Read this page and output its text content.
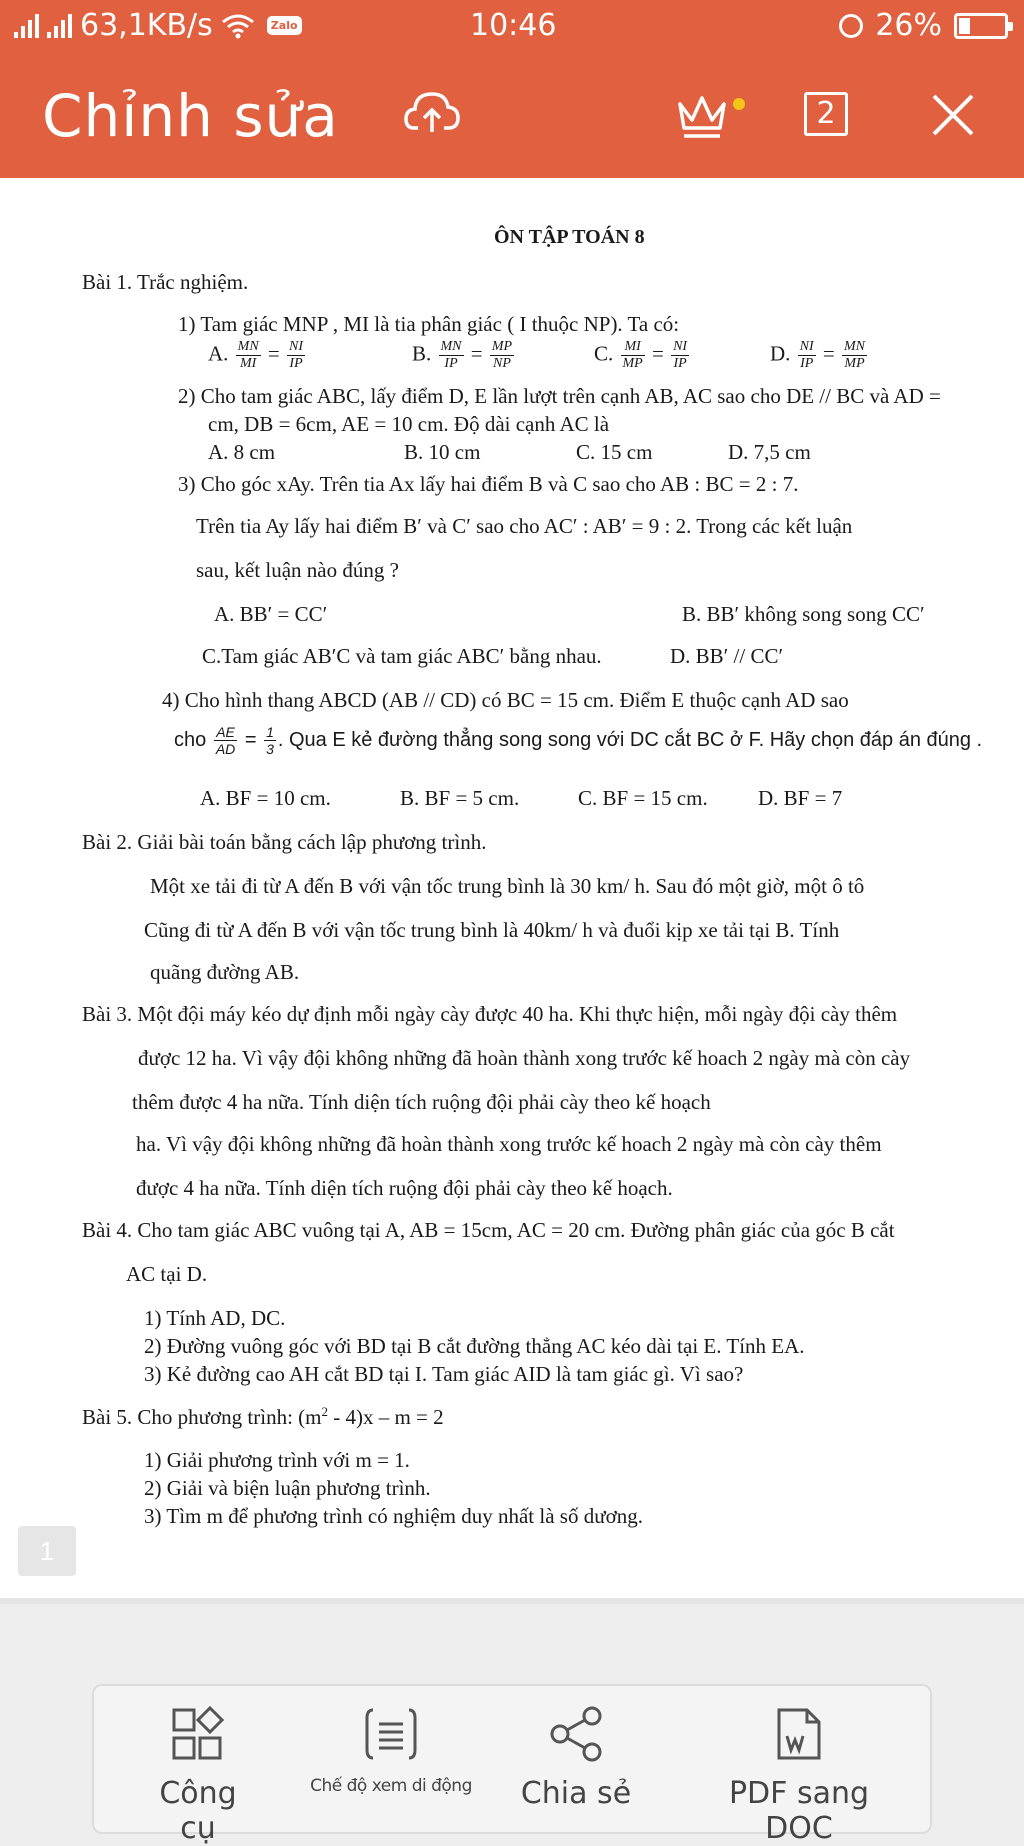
63,1KB/s	Zalo	10:46	26%
Chỉnh sửa	2
ÔN TẬP TOÁN 8
Bài 1. Trắc nghiệm.
1) Tam giác MNP , MI là tia phân giác ( I thuộc NP). Ta có:
A. $\frac{MN}{MI} = \frac{NI}{IP}$	B. $\frac{MN}{IP} = \frac{MP}{NP}$	C. $\frac{MI}{MP} = \frac{NI}{IP}$	D. $\frac{NI}{IP} = \frac{MN}{MP}$
2) Cho tam giác ABC, lấy điểm D, E lần lượt trên cạnh AB, AC sao cho DE // BC và AD =
cm, DB = 6cm, AE = 10 cm. Độ dài cạnh AC là
A. 8 cm	B. 10 cm	C. 15 cm	D. 7,5 cm
3) Cho góc xAy. Trên tia Ax lấy hai điểm B và C sao cho AB : BC = 2 : 7.
Trên tia Ay lấy hai điểm B′ và C′ sao cho AC′ : AB′ = 9 : 2. Trong các kết luận
sau, kết luận nào đúng ?
A. BB′ = CC′	B. BB′ không song song CC′
C.Tam giác AB′C và tam giác ABC′ bằng nhau.	D. BB′ // CC′
4) Cho hình thang ABCD (AB // CD) có BC = 15 cm. Điểm E thuộc cạnh AD sao
cho $\frac{AE}{AD} = \frac{1}{3}$ . Qua E kẻ đường thẳng song song với DC cắt BC ở F. Hãy chọn đáp án đúng .
A. BF = 10 cm.	B. BF = 5 cm.	C. BF = 15 cm. D. BF = 7
Bài 2. Giải bài toán bằng cách lập phương trình.
Một xe tải đi từ A đến B với vận tốc trung bình là 30 km/ h. Sau đó một giờ, một ô tô
Cũng đi từ A đến B với vận tốc trung bình là 40km/ h và đuổi kịp xe tải tại B. Tính
quãng đường AB.
Bài 3. Một đội máy kéo dự định mỗi ngày cày được 40 ha. Khi thực hiện, mỗi ngày đội cày thêm
được 12 ha. Vì vậy đội không những đã hoàn thành xong trước kế hoach 2 ngày mà còn cày
thêm được 4 ha nữa. Tính diện tích ruộng đội phải cày theo kế hoạch
ha. Vì vậy đội không những đã hoàn thành xong trước kế hoach 2 ngày mà còn cày thêm
được 4 ha nữa. Tính diện tích ruộng đội phải cày theo kế hoạch.
Bài 4. Cho tam giác ABC vuông tại A, AB = 15cm, AC = 20 cm. Đường phân giác của góc B cắt
AC tại D.
1) Tính AD, DC.
2) Đường vuông góc với BD tại B cắt đường thẳng AC kéo dài tại E. Tính EA.
3) Kẻ đường cao AH cắt BD tại I. Tam giác AID là tam giác gì. Vì sao?
Bài 5. Cho phương trình: $(m^2 - 4)x - m = 2$
1) Giải phương trình với m = 1.
2) Giải và biện luận phương trình.
3) Tìm m để phương trình có nghiệm duy nhất là số dương.
1
Công cụ
Chế độ xem di động	Chia sẻ	PDF sang DOC
